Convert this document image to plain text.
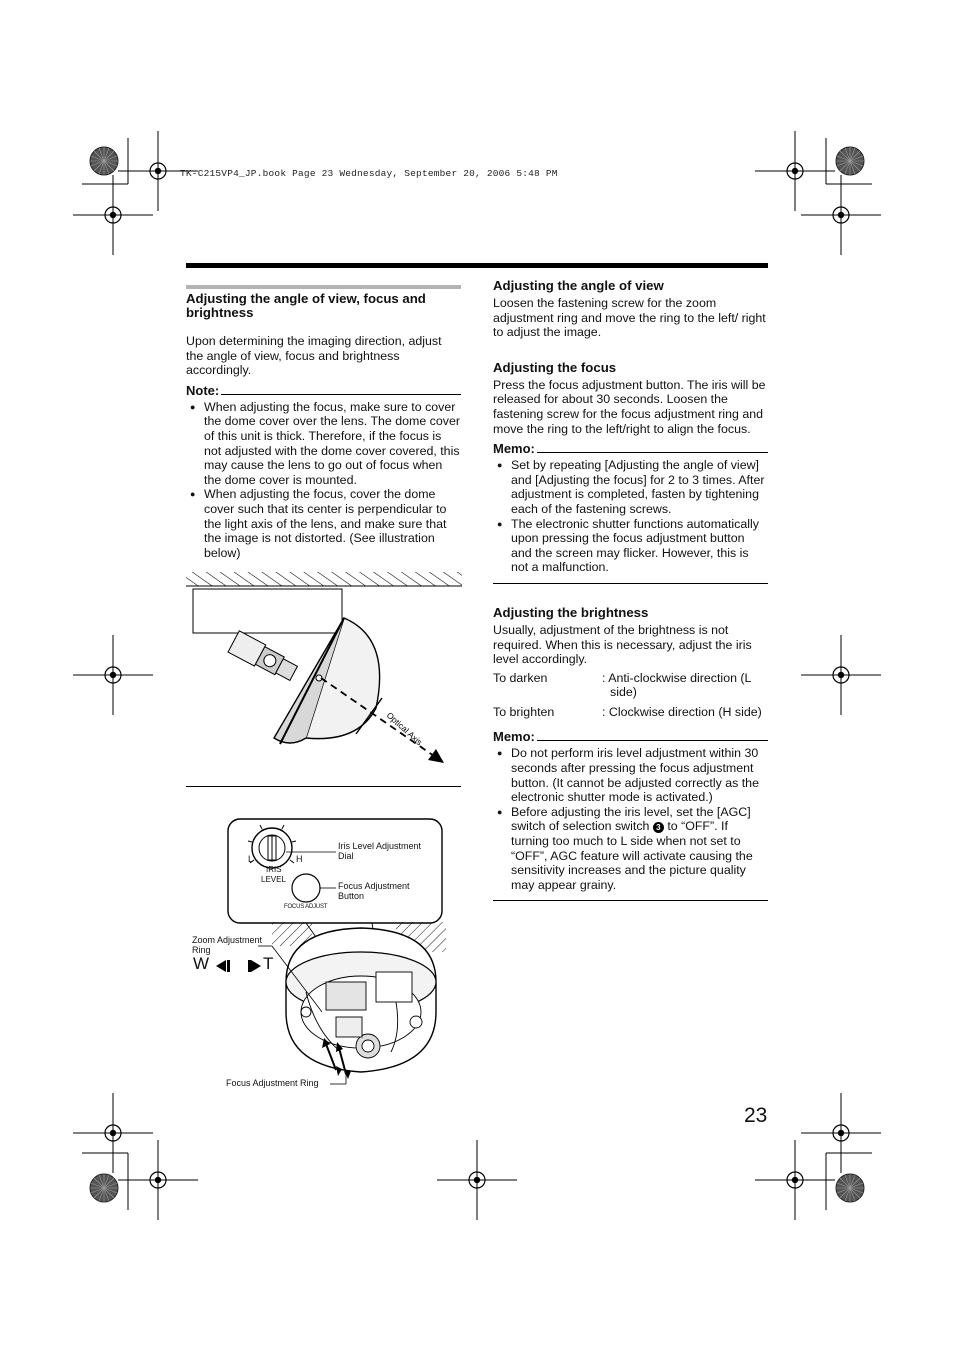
TK-C215VP4_JP.book Page 23 Wednesday, September 20, 2006 5:48 PM
Adjusting the angle of view, focus and brightness

Upon determining the imaging direction, adjust the angle of view, focus and brightness accordingly.

Note:
● When adjusting the focus, make sure to cover the dome cover over the lens. The dome cover of this unit is thick. Therefore, if the focus is not adjusted with the dome cover covered, this may cause the lens to go out of focus when the dome cover is mounted.
● When adjusting the focus, cover the dome cover such that its center is perpendicular to the light axis of the lens, and make sure that the image is not distorted. (See illustration below)
Optical Axis
Iris Level Adjustment Dial
Focus Adjustment Button
IRIS
LEVEL
L	H
FOCUS ADJUST
Zoom Adjustment Ring
W	T
Focus Adjustment Ring
Adjusting the angle of view

Loosen the fastening screw for the zoom adjustment ring and move the ring to the left/ right to adjust the image.

Adjusting the focus

Press the focus adjustment button. The iris will be released for about 30 seconds. Loosen the fastening screw for the focus adjustment ring and move the ring to the left/right to align the focus.

Memo:
● Set by repeating [Adjusting the angle of view] and [Adjusting the focus] for 2 to 3 times. After adjustment is completed, fasten by tightening each of the fastening screws.
● The electronic shutter functions automatically upon pressing the focus adjustment button and the screen may flicker. However, this is not a malfunction.
Adjusting the brightness

Usually, adjustment of the brightness is not required. When this is necessary, adjust the iris level accordingly.

To darken	: Anti-clockwise direction (L side)
To brighten	: Clockwise direction (H side)
Memo:
● Do not perform iris level adjustment within 30 seconds after pressing the focus adjustment button. (It cannot be adjusted correctly as the electronic shutter mode is activated.)
● Before adjusting the iris level, set the [AGC] switch of selection switch 3 to “OFF”. If turning too much to L side when not set to “OFF”, AGC feature will activate causing the sensitivity increases and the picture quality may appear grainy.
23
